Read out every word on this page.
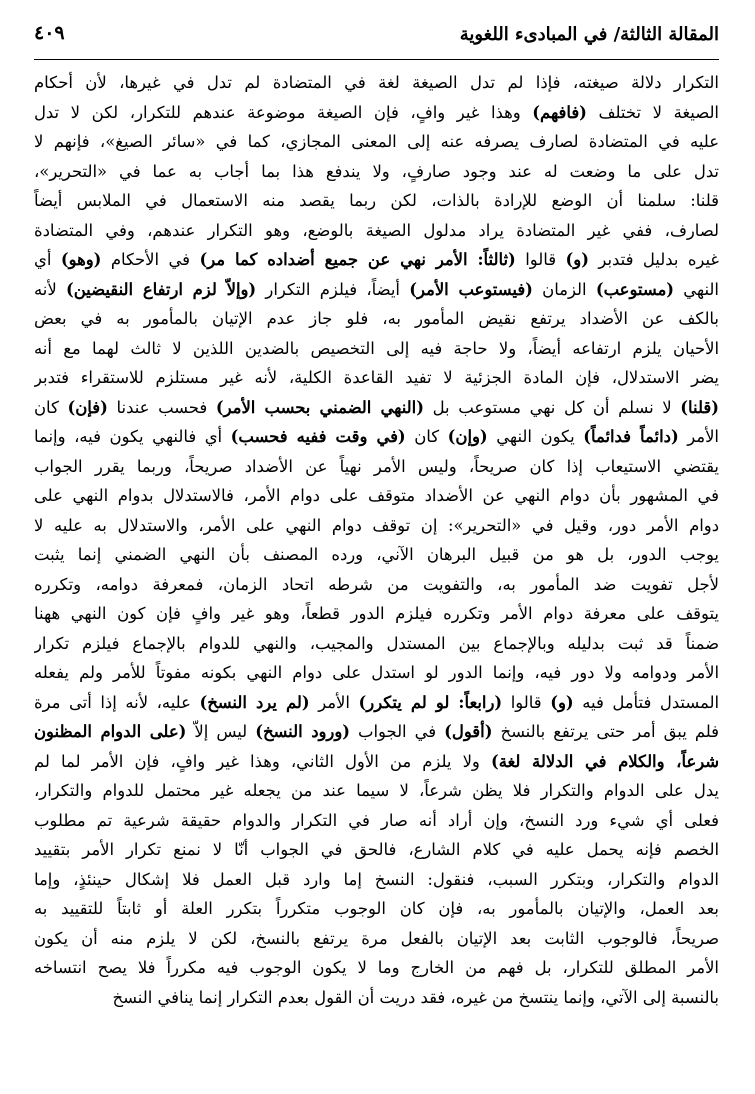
المقالة الثالثة/ في المبادىء اللغوية
٤٠٩
التكرار دلالة صيغته، فإذا لم تدل الصيغة لغة في المتضادة لم تدل في غيرها، لأن أحكام
الصيغة لا تختلف (فافهم) وهذا غير وافٍ، فإن الصيغة موضوعة عندهم للتكرار، لكن لا تدل
عليه في المتضادة لصارف يصرفه عنه إلى المعنى المجازي، كما في «سائر الصيغ»، فإنهم لا
تدل على ما وضعت له عند وجود صارفٍ، ولا يندفع هذا بما أجاب به عما في «التحرير»،
قلنا: سلمنا أن الوضع للإرادة بالذات، لكن ربما يقصد منه الاستعمال في الملابس أيضاً
لصارف، ففي غير المتضادة يراد مدلول الصيغة بالوضع، وهو التكرار عندهم، وفي المتضادة
غيره بدليل فتدبر (و) قالوا (ثالثاً: الأمر نهي عن جميع أضداده كما مر) في الأحكام (وهو) أي
النهي (مستوعب) الزمان (فيستوعب الأمر) أيضاً، فيلزم التكرار (وإلاّ لزم ارتفاع النقيضين) لأنه
بالكف عن الأضداد يرتفع نقيض المأمور به، فلو جاز عدم الإتيان بالمأمور به في بعض
الأحيان يلزم ارتفاعه أيضاً، ولا حاجة فيه إلى التخصيص بالضدين اللذين لا ثالث لهما مع أنه
يضر الاستدلال، فإن المادة الجزئية لا تفيد القاعدة الكلية، لأنه غير مستلزم للاستقراء فتدبر
(قلنا) لا نسلم أن كل نهي مستوعب بل (النهي الضمني بحسب الأمر) فحسب عندنا (فإن) كان
الأمر (دائماً فدائماً) يكون النهي (وإن) كان (في وقت ففيه فحسب) أي فالنهي يكون فيه، وإنما
يقتضي الاستيعاب إذا كان صريحاً، وليس الأمر نهياً عن الأضداد صريحاً، وربما يقرر الجواب
في المشهور بأن دوام النهي عن الأضداد متوقف على دوام الأمر، فالاستدلال بدوام النهي على
دوام الأمر دور، وقيل في «التحرير»: إن توقف دوام النهي على الأمر، والاستدلال به عليه لا
يوجب الدور، بل هو من قبيل البرهان الآني، ورده المصنف بأن النهي الضمني إنما يثبت
لأجل تفويت ضد المأمور به، والتفويت من شرطه اتحاد الزمان، فمعرفة دوامه، وتكرره
يتوقف على معرفة دوام الأمر وتكرره فيلزم الدور قطعاً، وهو غير وافٍ فإن كون النهي ههنا
ضمناً قد ثبت بدليله وبالإجماع بين المستدل والمجيب، والنهي للدوام بالإجماع فيلزم تكرار
الأمر ودوامه ولا دور فيه، وإنما الدور لو استدل على دوام النهي بكونه مفوتاً للأمر ولم يفعله
المستدل فتأمل فيه (و) قالوا (رابعاً: لو لم يتكرر) الأمر (لم يرد النسخ) عليه، لأنه إذا أتى مرة
فلم يبق أمر حتى يرتفع بالنسخ (أقول) في الجواب (ورود النسخ) ليس إلاّ (على الدوام المظنون
شرعاً، والكلام في الدلالة لغة) ولا يلزم من الأول الثاني، وهذا غير وافٍ، فإن الأمر لما لم
يدل على الدوام والتكرار فلا يظن شرعاً، لا سيما عند من يجعله غير محتمل للدوام والتكرار،
فعلى أي شيء ورد النسخ، وإن أراد أنه صار في التكرار والدوام حقيقة شرعية تم مطلوب
الخصم فإنه يحمل عليه في كلام الشارع، فالحق في الجواب أنّا لا نمنع تكرار الأمر بتقييد
الدوام والتكرار، وبتكرر السبب، فنقول: النسخ إما وارد قبل العمل فلا إشكال حينئذٍ، وإما
بعد العمل، والإتيان بالمأمور به، فإن كان الوجوب متكرراً بتكرر العلة أو ثابتاً للتقييد به
صريحاً، فالوجوب الثابت بعد الإتيان بالفعل مرة يرتفع بالنسخ، لكن لا يلزم منه أن يكون
الأمر المطلق للتكرار، بل فهم من الخارج وما لا يكون الوجوب فيه مكرراً فلا يصح انتساخه
بالنسبة إلى الآتي، وإنما ينتسخ من غيره، فقد دريت أن القول بعدم التكرار إنما ينافي النسخ
